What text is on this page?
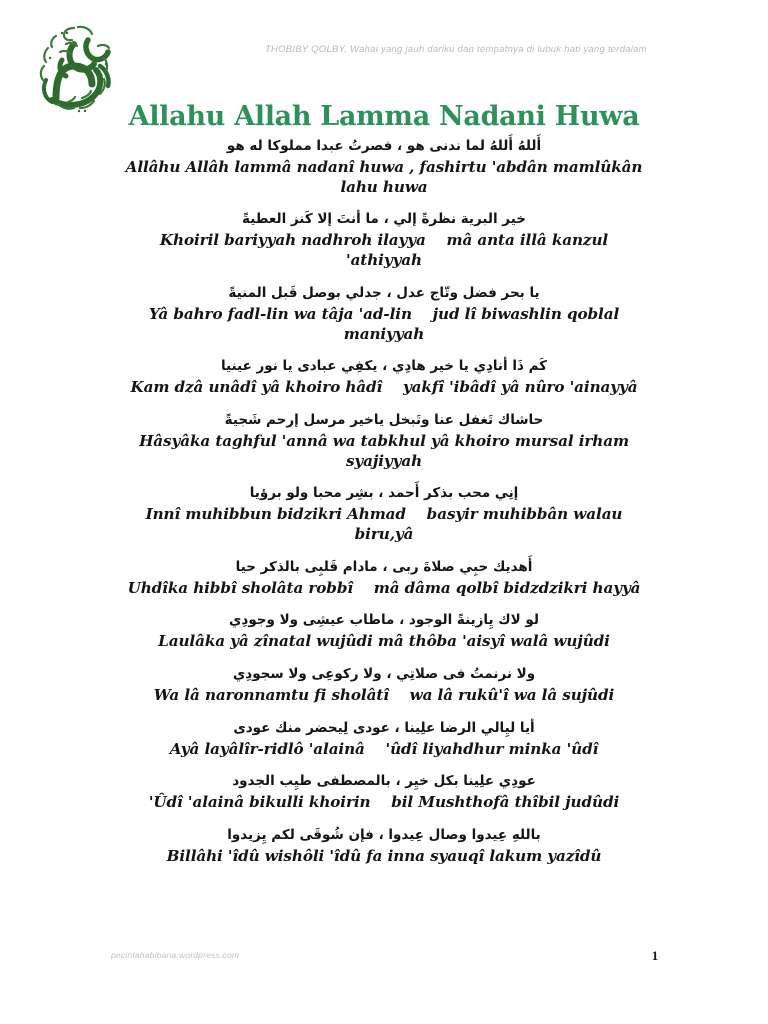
THOBIBY QOLBY, Wahai yang jauh dariku dan tempatnya di lubuk hati yang terdalam
Allahu Allah Lamma Nadani Huwa

أَللهُ أَللهُ لما ندنى هو ، فصرتُ عبدا مملوكا له هو

Allâhu Allâh lammâ nadanî huwa , fashirtu 'abdân mamlûkân

lahu huwa

خير البرية نظرةً إلي ، ما أنتَ إلا كَنز العطيةً

Khoiril bariyyah nadhroh ilayya    mâ anta illâ kanzul

'athiyyah

يا بحر فضل وتّاج عدل ، جدلي بوصل قَبل المنيةً

Yâ bahro fadl-lin wa tâja 'ad-lin    jud lî biwashlin qoblal

maniyyah

كَم ذَا أنادِي يا خير هادِي ، يكفِي عبادى يا نور عينيا

Kam dzâ unâdî yâ khoiro hâdî    yakfî 'ibâdî yâ nûro 'ainayyâ

حاشاك تَغفل عنا وتَبخل ياخير مرسل إرحم شَجيةً

Hâsyâka taghful 'annâ wa tabkhul yâ khoiro mursal irham

syajiyyah

إنِي محب بذكر أَحمد ، بشِر محبا ولو برؤيا

Innî muhibbun bidzikri Ahmad    basyir muhibbân walau

biru,yâ

أَهديك حبِي صلاةَ ربى ، مادام قَلبِى بالذكر حيا

Uhdîka hibbî sholâta robbî    mâ dâma qolbî bidzdzikri hayyâ

لو لاك يِازينةً الوجود ، ماطاب عيشِى ولا وجودِي

Laulâka yâ zînatal wujûdi mâ thôba 'aisyî walâ wujûdi

ولا نرنمتُ فى صلاتِي ، ولا ركوعِى ولا سجودِي

Wa lâ naronnamtu fi sholâtî    wa lâ rukû'î wa lâ sujûdi

أيا ليِالي الرضا علِينا ، عودى لِيحضر منك عودى

Ayâ layâlîr-ridlô 'alainâ    'ûdî liyahdhur minka 'ûdî

عودِي علِينا بكل خيِر ، بالمصطفى طيِب الجدود

'Ûdî 'alainâ bikulli khoirin    bil Mushthofâ thîbil judûdi

باللهِ عِيدوا وصال عِيدوا ، فإن شُوقَى لكم يِزيدوا

Billâhi 'îdû wishôli 'îdû fa inna syauqî lakum yazîdû

pecintahabibana.wordpress.com	1
